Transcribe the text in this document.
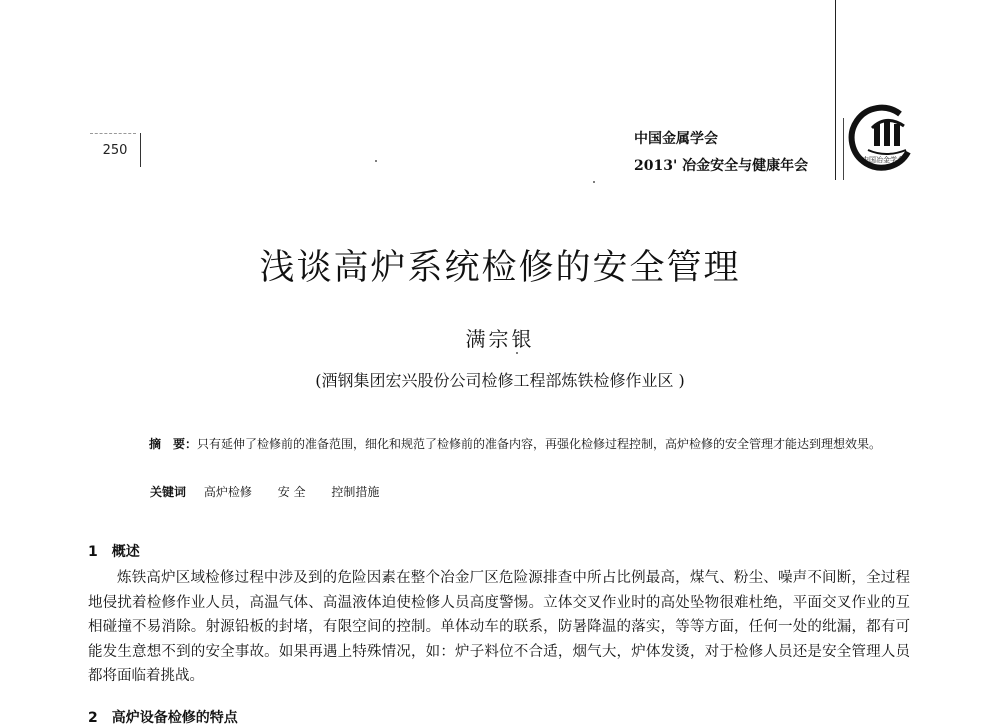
250
中国金属学会
2013' 冶金安全与健康年会	中国冶金学会
浅谈高炉系统检修的安全管理
满宗银
(酒钢集团宏兴股份公司检修工程部炼铁检修作业区 )
摘　要：只有延伸了检修前的准备范围，细化和规范了检修前的准备内容，再强化检修过程控制，高炉检修的安全管理才能达到理想效果。
关键词 高炉检修 安 全 控制措施
1　概述
炼铁高炉区域检修过程中涉及到的危险因素在整个冶金厂区危险源排查中所占比例最高，煤气、粉尘、噪声不间断，全过程地侵扰着检修作业人员，高温气体、高温液体迫使检修人员高度警惕。立体交叉作业时的高处坠物很难杜绝，平面交叉作业的互相碰撞不易消除。射源铅板的封堵，有限空间的控制。单体动车的联系，防暑降温的落实，等等方面，任何一处的纰漏，都有可能发生意想不到的安全事故。如果再遇上特殊情况，如：炉子料位不合适，烟气大，炉体发烫，对于检修人员还是安全管理人员都将面临着挑战。
2　高炉设备检修的特点
